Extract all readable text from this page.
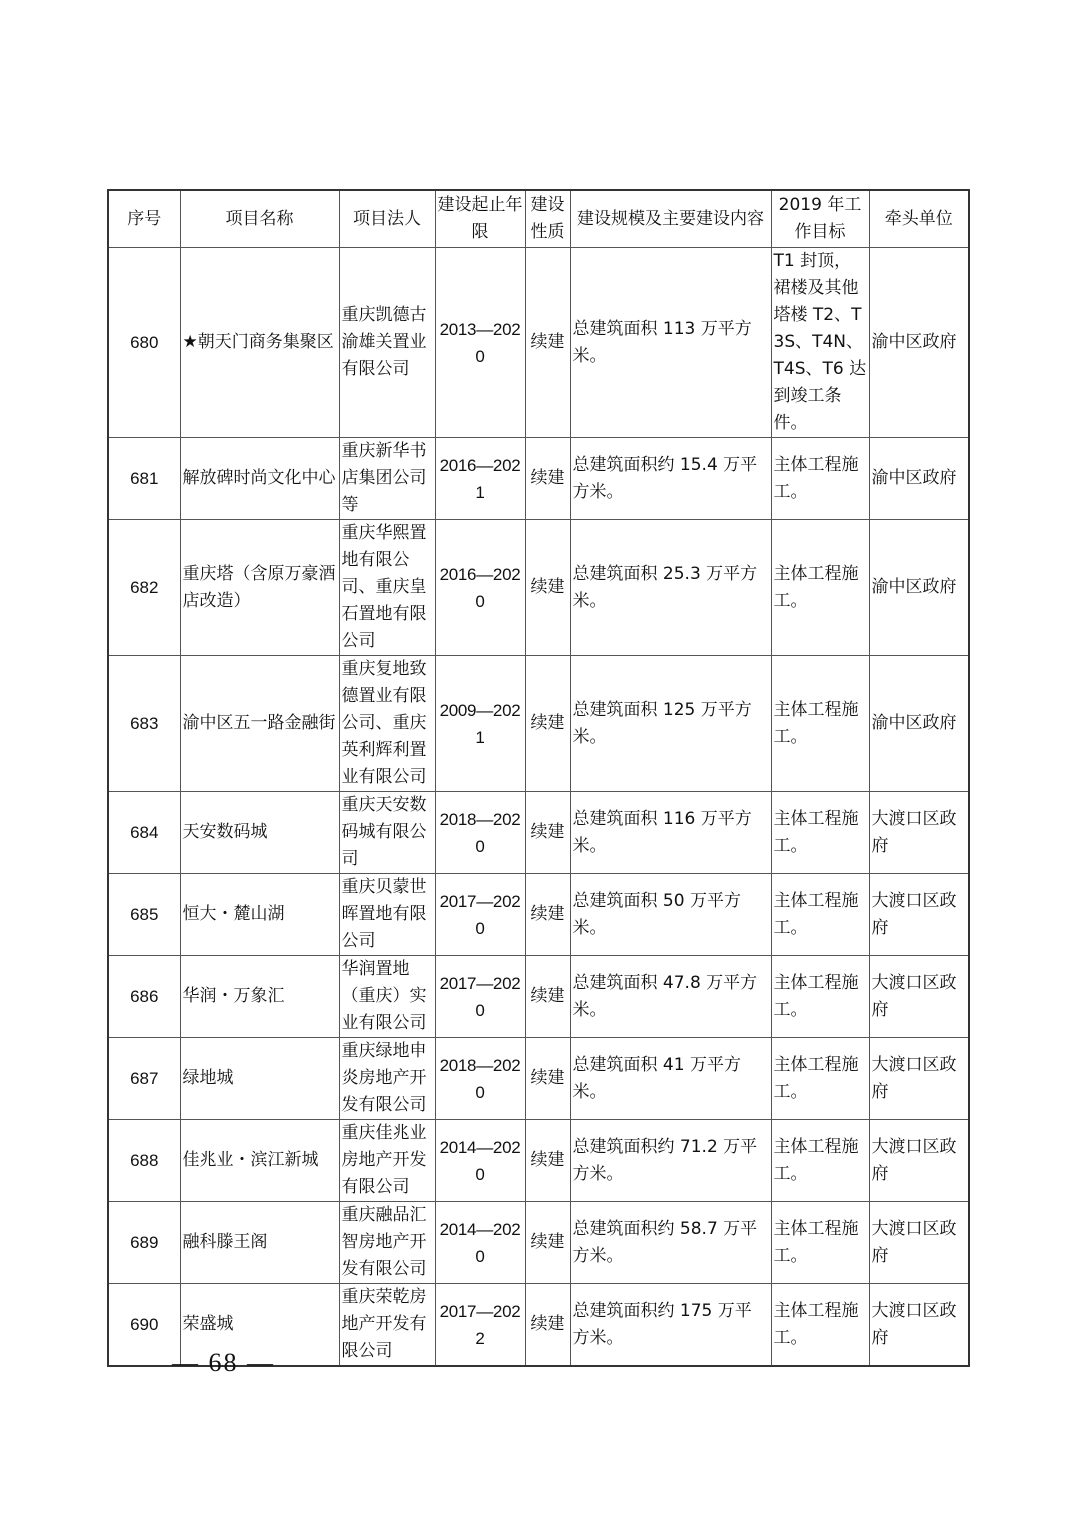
序号	项目名称	项目法人	建设起止年限	建设性质	建设规模及主要建设内容	2019 年工作目标	牵头单位
680	★朝天门商务集聚区	重庆凯德古渝雄关置业有限公司	2013—2020	续建	总建筑面积 113 万平方米。	T1 封顶，裙楼及其他塔楼 T2、T3S、T4N、T4S、T6 达到竣工条件。	渝中区政府
681	解放碑时尚文化中心	重庆新华书店集团公司等	2016—2021	续建	总建筑面积约 15.4 万平方米。	主体工程施工。	渝中区政府
682	重庆塔（含原万豪酒店改造）	重庆华熙置地有限公司、重庆皇石置地有限公司	2016—2020	续建	总建筑面积 25.3 万平方米。	主体工程施工。	渝中区政府
683	渝中区五一路金融街	重庆复地致德置业有限公司、重庆英利辉利置业有限公司	2009—2021	续建	总建筑面积 125 万平方米。	主体工程施工。	渝中区政府
684	天安数码城	重庆天安数码城有限公司	2018—2020	续建	总建筑面积 116 万平方米。	主体工程施工。	大渡口区政府
685	恒大・麓山湖	重庆贝蒙世晖置地有限公司	2017—2020	续建	总建筑面积 50 万平方米。	主体工程施工。	大渡口区政府
686	华润・万象汇	华润置地（重庆）实业有限公司	2017—2020	续建	总建筑面积 47.8 万平方米。	主体工程施工。	大渡口区政府
687	绿地城	重庆绿地申炎房地产开发有限公司	2018—2020	续建	总建筑面积 41 万平方米。	主体工程施工。	大渡口区政府
688	佳兆业・滨江新城	重庆佳兆业房地产开发有限公司	2014—2020	续建	总建筑面积约 71.2 万平方米。	主体工程施工。	大渡口区政府
689	融科滕王阁	重庆融品汇智房地产开发有限公司	2014—2020	续建	总建筑面积约 58.7 万平方米。	主体工程施工。	大渡口区政府
690	荣盛城	重庆荣乾房地产开发有限公司	2017—2022	续建	总建筑面积约 175 万平方米。	主体工程施工。	大渡口区政府
— 68 —
